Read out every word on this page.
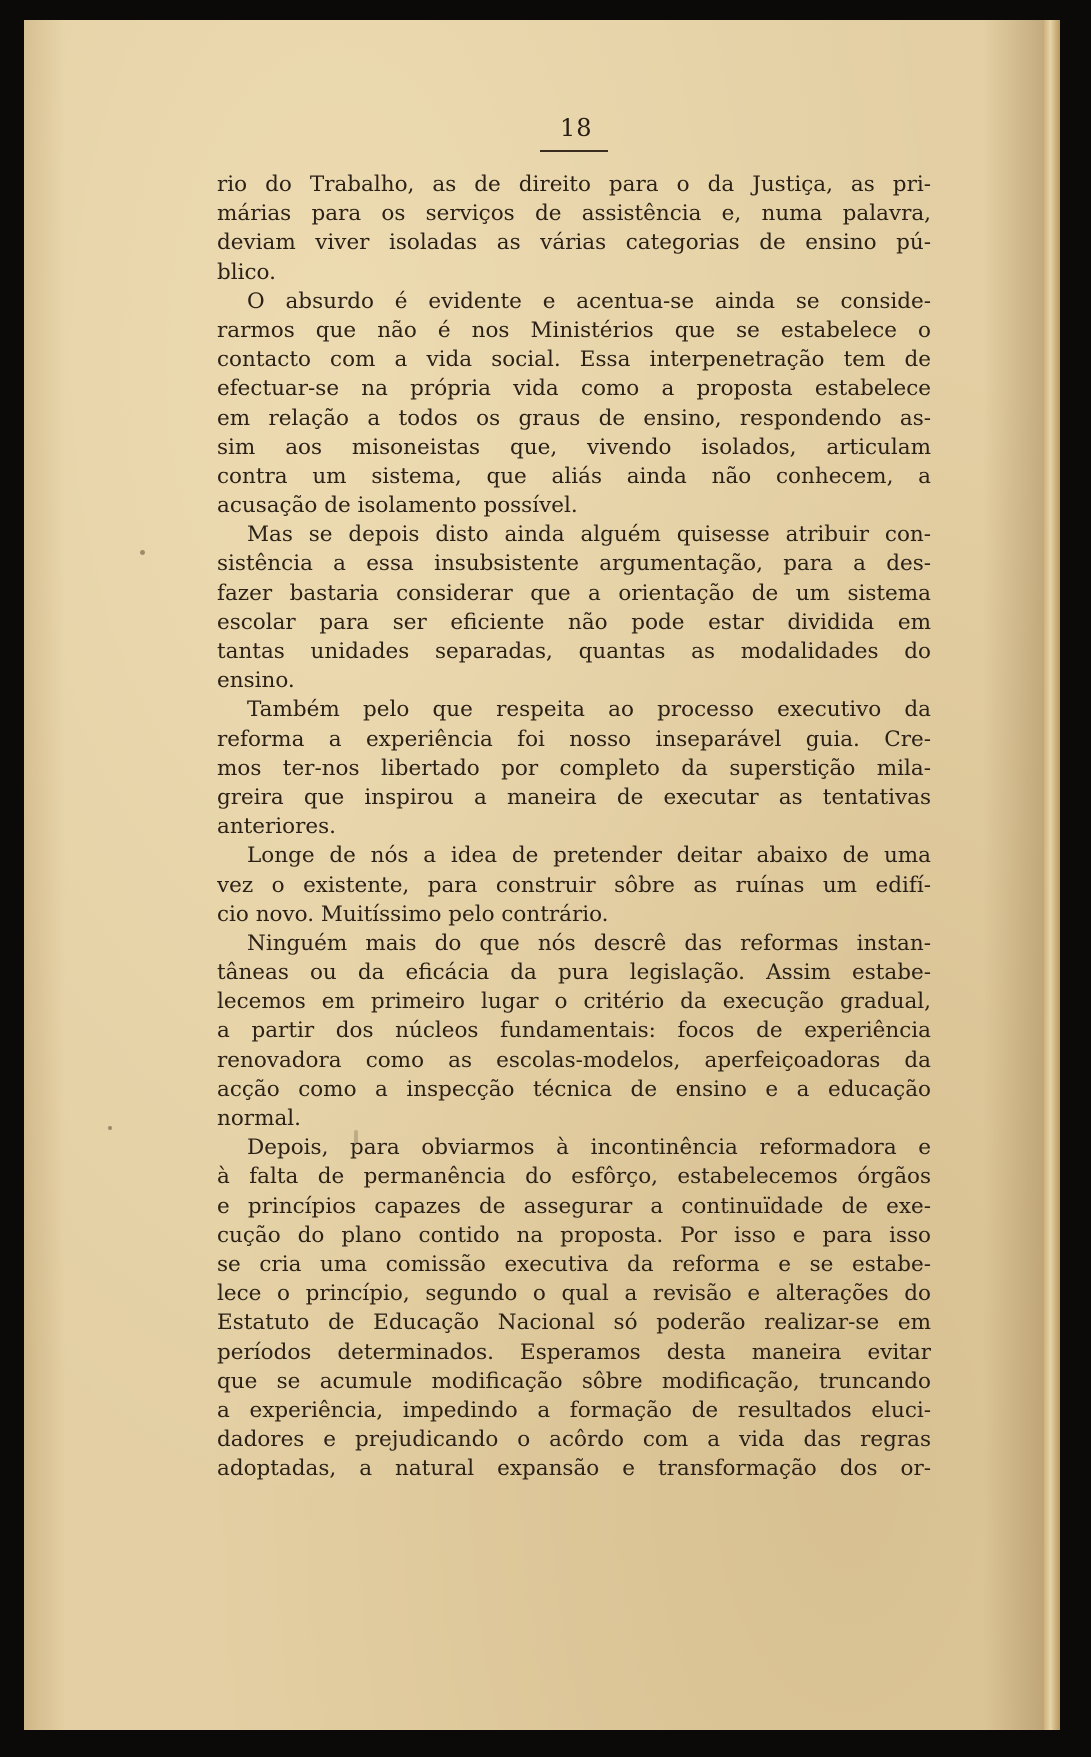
18
rio do Trabalho, as de direito para o da Justiça, as pri-
márias para os serviços de assistência e, numa palavra,
deviam viver isoladas as várias categorias de ensino pú-
blico.
O absurdo é evidente e acentua-se ainda se conside-
rarmos que não é nos Ministérios que se estabelece o
contacto com a vida social. Essa interpenetração tem de
efectuar-se na própria vida como a proposta estabelece
em relação a todos os graus de ensino, respondendo as-
sim aos misoneistas que, vivendo isolados, articulam
contra um sistema, que aliás ainda não conhecem, a
acusação de isolamento possível.
Mas se depois disto ainda alguém quisesse atribuir con-
sistência a essa insubsistente argumentação, para a des-
fazer bastaria considerar que a orientação de um sistema
escolar para ser eficiente não pode estar dividida em
tantas unidades separadas, quantas as modalidades do
ensino.
Também pelo que respeita ao processo executivo da
reforma a experiência foi nosso inseparável guia. Cre-
mos ter-nos libertado por completo da superstição mila-
greira que inspirou a maneira de executar as tentativas
anteriores.
Longe de nós a idea de pretender deitar abaixo de uma
vez o existente, para construir sôbre as ruínas um edifí-
cio novo. Muitíssimo pelo contrário.
Ninguém mais do que nós descrê das reformas instan-
tâneas ou da eficácia da pura legislação. Assim estabe-
lecemos em primeiro lugar o critério da execução gradual,
a partir dos núcleos fundamentais: focos de experiência
renovadora como as escolas-modelos, aperfeiçoadoras da
acção como a inspecção técnica de ensino e a educação
normal.
Depois, para obviarmos à incontinência reformadora e
à falta de permanência do esfôrço, estabelecemos órgãos
e princípios capazes de assegurar a continuïdade de exe-
cução do plano contido na proposta. Por isso e para isso
se cria uma comissão executiva da reforma e se estabe-
lece o princípio, segundo o qual a revisão e alterações do
Estatuto de Educação Nacional só poderão realizar-se em
períodos determinados. Esperamos desta maneira evitar
que se acumule modificação sôbre modificação, truncando
a experiência, impedindo a formação de resultados eluci-
dadores e prejudicando o acôrdo com a vida das regras
adoptadas, a natural expansão e transformação dos or-
